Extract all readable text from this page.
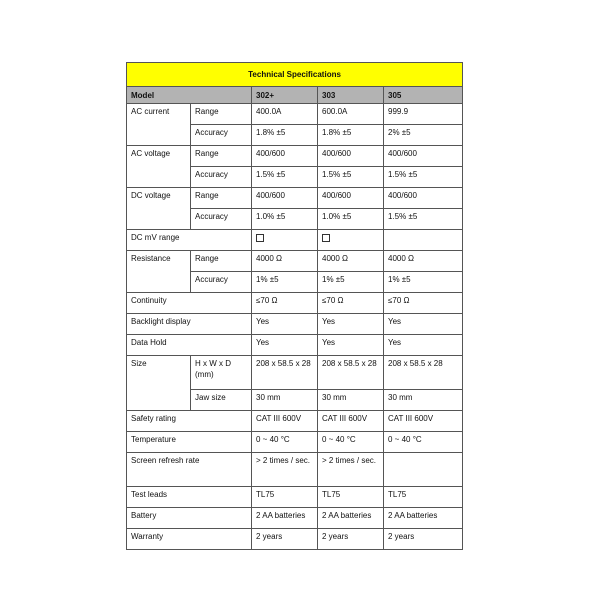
Technical Specifications				
Model		302+	303	305
AC current	Range	400.0A	600.0A	999.9
	Accuracy	1.8% ±5	1.8% ±5	2% ±5
AC voltage	Range	400/600	400/600	400/600
	Accuracy	1.5% ±5	1.5% ±5	1.5% ±5
DC voltage	Range	400/600	400/600	400/600
	Accuracy	1.0% ±5	1.0% ±5	1.5% ±5
DC mV range				
Resistance	Range	4000 Ω	4000 Ω	4000 Ω
	Accuracy	1% ±5	1% ±5	1% ±5
Continuity		≤70 Ω	≤70 Ω	≤70 Ω
Backlight display		Yes	Yes	Yes
Data Hold		Yes	Yes	Yes
Size	H x W x D (mm)	208 x 58.5 x 28	208 x 58.5 x 28	208 x 58.5 x 28
	Jaw size	30 mm	30 mm	30 mm
Safety rating		CAT III 600V	CAT III 600V	CAT III 600V
Temperature		0 ~ 40 °C	0 ~ 40 °C	0 ~ 40 °C
Screen refresh rate		> 2 times / sec.	> 2 times / sec.	
Test leads		TL75	TL75	TL75
Battery		2 AA batteries	2 AA batteries	2 AA batteries
Warranty		2 years	2 years	2 years
